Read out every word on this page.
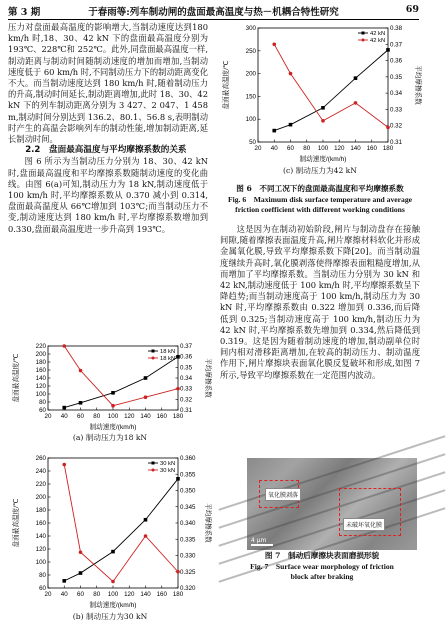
第 3 期	于春雨等:列车制动闸的盘面最高温度与热－机耦合特性研究	69

压力对盘面最高温度的影响增大,当制动速度达到180 km/h 时,18、30、42 kN 下的盘面最高温度分别为 193℃、228℃和 252℃。此外,同盘面最高温度一样,制动距离与制动时间随制动速度的增加而增加,当制动速度低于 60 km/h 时,不同制动压力下的制动距离变化不大。而当制动速度达到 180 km/h 时,随着制动压力的升高,制动时间延长,制动距离增加,此时 18、30、42 kN 下的列车制动距离分别为 3 427、2 047、1 458 m,制动时间分别达到 136.2、80.1、56.8 s,表明制动时产生的高温会影响列车的制动性能,增加制动距离,延长制动时间。

2.2　盘面最高温度与平均摩擦系数的关系

图 6 所示为当制动压力分别为 18、30、42 kN 时,盘面最高温度和平均摩擦系数随制动速度的变化曲线。由图 6(a)可知,制动压力为 18 kN,制动速度低于 100 km/h 时,平均摩擦系数从 0.370 减小到 0.314,盘面最高温度从 66℃增加到 103℃;而当制动压力不变,制动速度达到 180 km/h 时,平均摩擦系数增加到 0.330,盘面最高温度进一步升高到 193℃。

20 40 60 80 100 120 140 160 180
60
80
100
120
140
160
180
200
220
0.31
0.32
0.33
0.34
0.35
0.36
0.37
制动速度/(km/h)
盘面最高温度/℃	平均摩擦系数
18 kN
18 kN
(a) 制动压力为18 kN
20 40 60 80 100 120 140 160 180
60
80
100
120
140
160
180
200
220
240
260
0.320
0.325
0.330
0.335
0.340
0.345
0.350
0.355
0.360
制动速度/(km/h)
盘面最高温度/℃	平均摩擦系数
30 kN
30 kN
(b) 制动压力为30 kN
20 40 60 80 100 120 140 160 180
50
100
150
200
250
300
0.31
0.32
0.33
0.34
0.35
0.36
0.37
0.38
制动速度/(km/h)
盘面最高温度/℃	平均摩擦系数
42 kN
42 kN
(c) 制动压力为42 kN
图 6　不同工况下的盘面最高温度和平均摩擦系数
Fig. 6　Maximum disk surface temperature and average
friction coefficient with different working conditions

这是因为在制动初始阶段,闸片与制动盘存在接触间隙,随着摩擦表面温度升高,闸片摩擦材料软化并形成金属氧化膜,导致平均摩擦系数下降[20]。而当制动温度继续升高时,氧化膜剥落使得摩擦表面粗糙度增加,从而增加了平均摩擦系数。当制动压力分别为 30 kN 和 42 kN,制动速度低于 100 km/h 时,平均摩擦系数呈下降趋势;而当制动速度高于 100 km/h,制动压力为 30 kN 时,平均摩擦系数由 0.322 增加到 0.336,而后降低到 0.325;当制动速度高于 100 km/h,制动压力为 42 kN 时,平均摩擦系数先增加到 0.334,然后降低到 0.319。这是因为随着制动速度的增加,制动副单位时间内相对滑移距离增加,在较高的制动压力、制动温度作用下,闸片摩擦块表面氧化膜反复破坏和形成,如图 7 所示,导致平均摩擦系数在一定范围内波动。

氧化膜剥落
未破坏氧化膜
4 μm
图 7　制动后摩擦块表面磨损形貌
Fig. 7　Surface wear morphology of friction
block after braking
